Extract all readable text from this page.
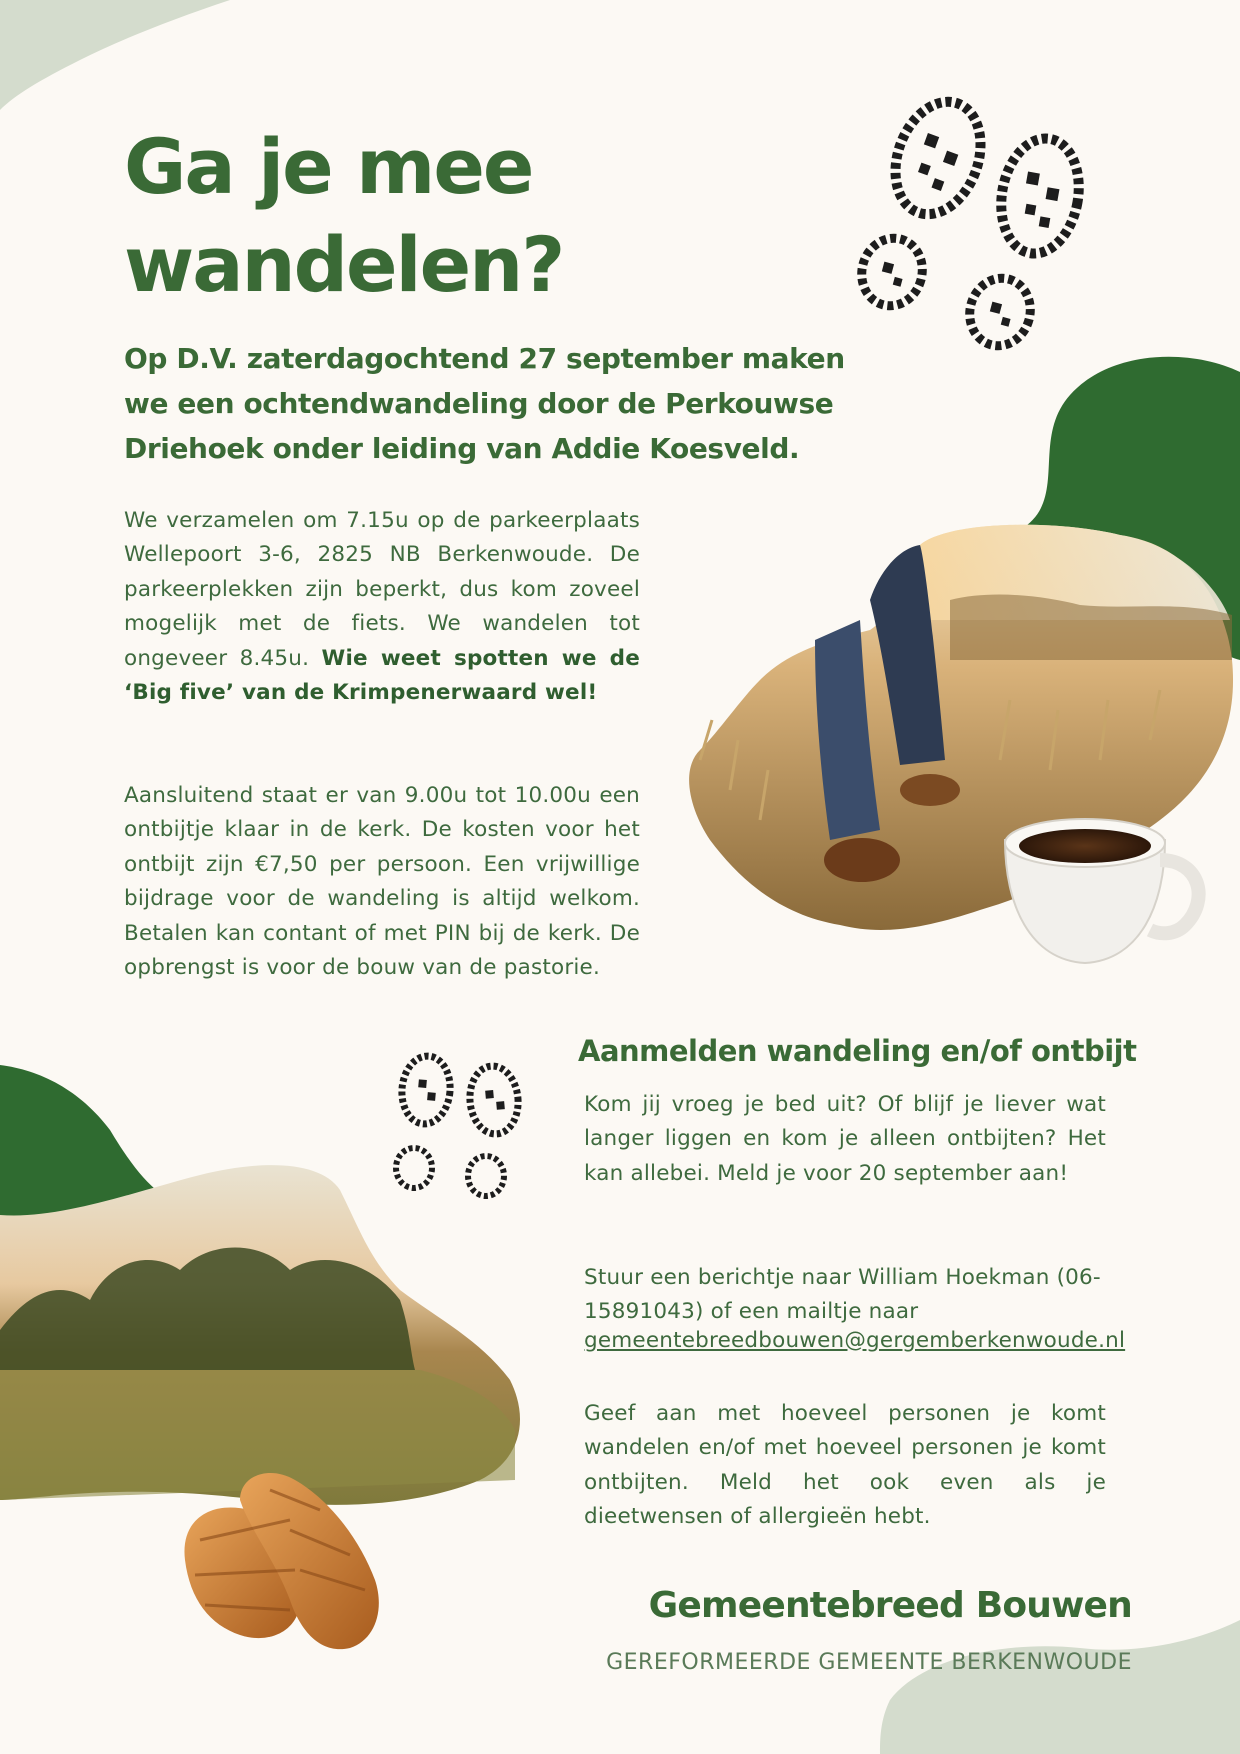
Ga je mee
wandelen?

Op D.V. zaterdagochtend 27 september maken we een ochtendwandeling door de Perkouwse Driehoek onder leiding van Addie Koesveld.

We verzamelen om 7.15u op de parkeerplaats Wellepoort 3-6, 2825 NB Berkenwoude. De parkeerplekken zijn beperkt, dus kom zoveel mogelijk met de fiets. We wandelen tot ongeveer 8.45u. Wie weet spotten we de ‘Big five’ van de Krimpenerwaard wel!

Aansluitend staat er van 9.00u tot 10.00u een ontbijtje klaar in de kerk. De kosten voor het ontbijt zijn €7,50 per persoon. Een vrijwillige bijdrage voor de wandeling is altijd welkom. Betalen kan contant of met PIN bij de kerk. De opbrengst is voor de bouw van de pastorie.

Aanmelden wandeling en/of ontbijt

Kom jij vroeg je bed uit? Of blijf je liever wat langer liggen en kom je alleen ontbijten? Het kan allebei. Meld je voor 20 september aan!

Stuur een berichtje naar William Hoekman (06-15891043) of een mailtje naar
gemeentebreedbouwen@gergemberkenwoude.nl

Geef aan met hoeveel personen je komt wandelen en/of met hoeveel personen je komt ontbijten. Meld het ook even als je dieetwensen of allergieën hebt.

Gemeentebreed Bouwen
GEREFORMEERDE GEMEENTE BERKENWOUDE
